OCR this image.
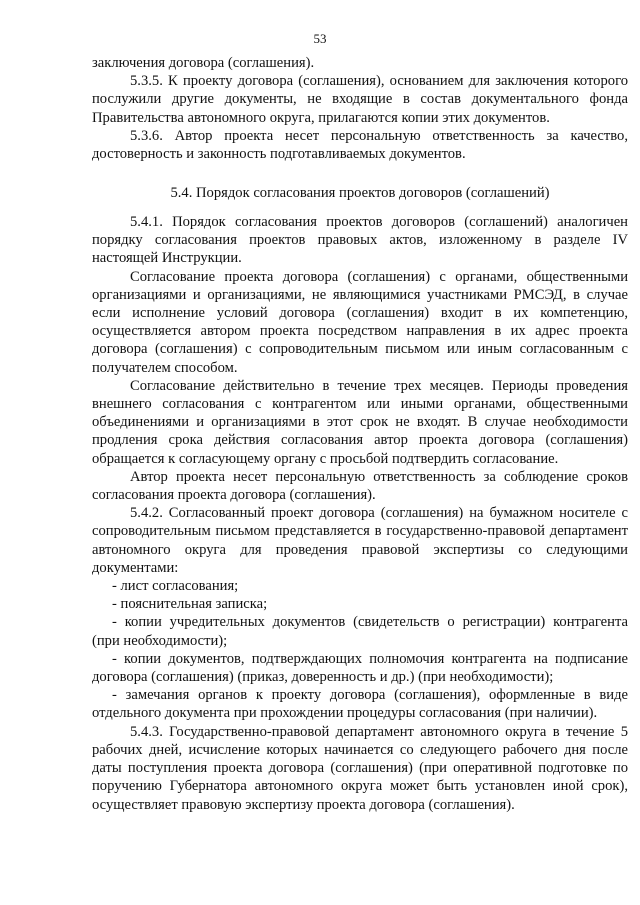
53

заключения договора (соглашения).

5.3.5. К проекту договора (соглашения), основанием для заключения которого послужили другие документы, не входящие в состав документального фонда Правительства автономного округа, прилагаются копии этих документов.

5.3.6. Автор проекта несет персональную ответственность за качество, достоверность и законность подготавливаемых документов.

5.4. Порядок согласования проектов договоров (соглашений)

5.4.1. Порядок согласования проектов договоров (соглашений) аналогичен порядку согласования проектов правовых актов, изложенному в разделе IV настоящей Инструкции.

Согласование проекта договора (соглашения) с органами, общественными организациями и организациями, не являющимися участниками РМСЭД, в случае если исполнение условий договора (соглашения) входит в их компетенцию, осуществляется автором проекта посредством направления в их адрес проекта договора (соглашения) с сопроводительным письмом или иным согласованным с получателем способом.

Согласование действительно в течение трех месяцев. Периоды проведения внешнего согласования с контрагентом или иными органами, общественными объединениями и организациями в этот срок не входят. В случае необходимости продления срока действия согласования автор проекта договора (соглашения) обращается к согласующему органу с просьбой подтвердить согласование.

Автор проекта несет персональную ответственность за соблюдение сроков согласования проекта договора (соглашения).

5.4.2. Согласованный проект договора (соглашения) на бумажном носителе с сопроводительным письмом представляется в государственно-правовой департамент автономного округа для проведения правовой экспертизы со следующими документами:

- лист согласования;

- пояснительная записка;

- копии учредительных документов (свидетельств о регистрации) контрагента (при необходимости);

- копии документов, подтверждающих полномочия контрагента на подписание договора (соглашения) (приказ, доверенность и др.) (при необходимости);

- замечания органов к проекту договора (соглашения), оформленные в виде отдельного документа при прохождении процедуры согласования (при наличии).

5.4.3. Государственно-правовой департамент автономного округа в течение 5 рабочих дней, исчисление которых начинается со следующего рабочего дня после даты поступления проекта договора (соглашения) (при оперативной подготовке по поручению Губернатора автономного округа может быть установлен иной срок), осуществляет правовую экспертизу проекта договора (соглашения).
